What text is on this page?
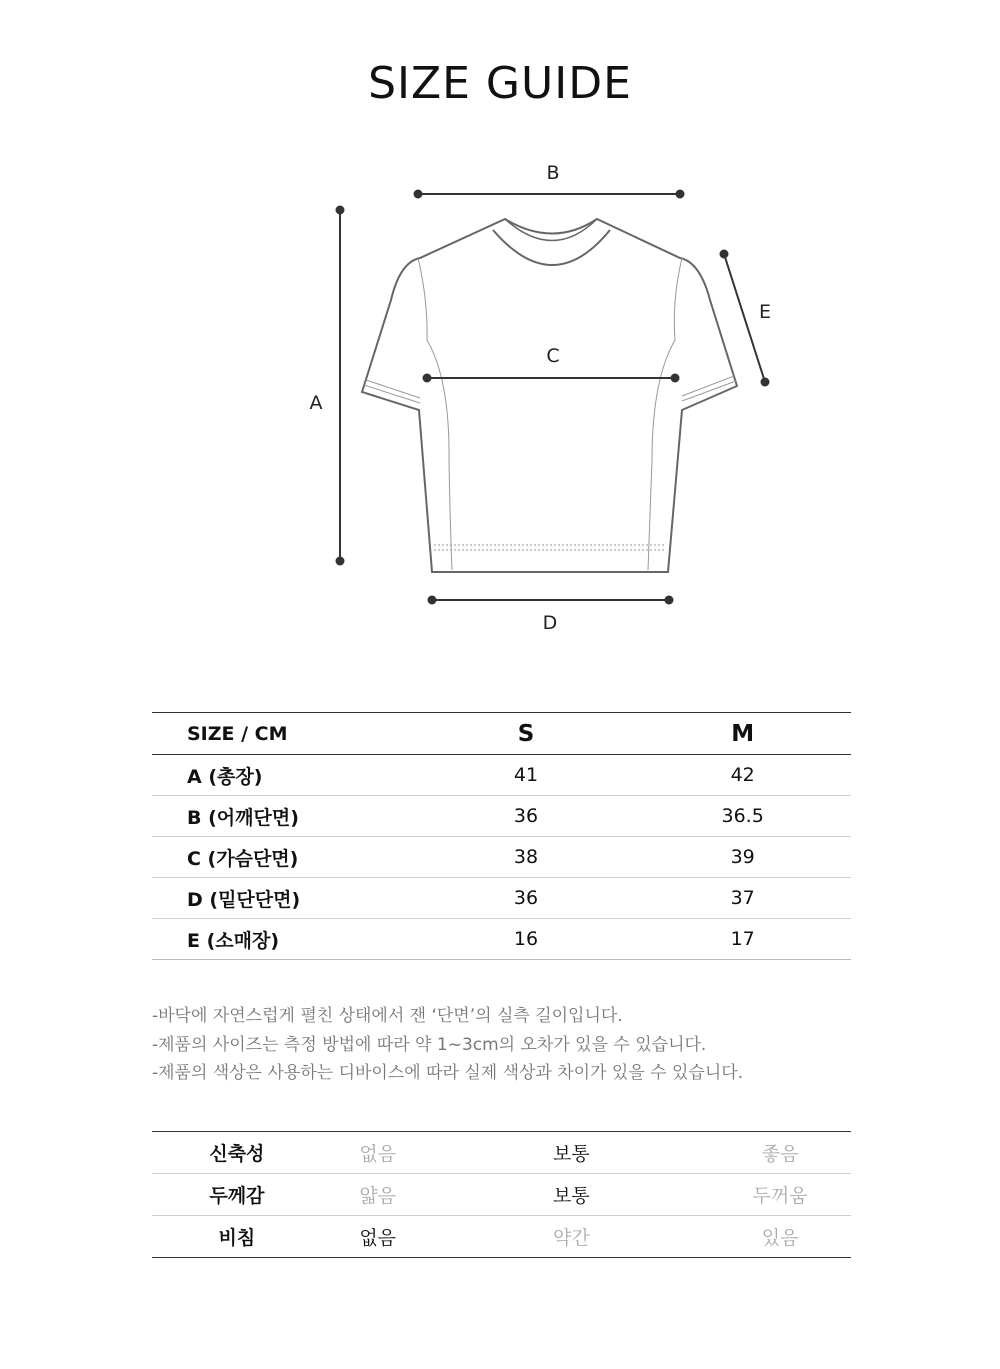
SIZE GUIDE
B
A
C
D
E
SIZE / CM	S	M
A (총장)	41	42
B (어깨단면)	36	36.5
C (가슴단면)	38	39
D (밑단단면)	36	37
E (소매장)	16	17

-바닥에 자연스럽게 펼친 상태에서 잰 ‘단면’의 실측 길이입니다.

-제품의 사이즈는 측정 방법에 따라 약 1~3cm의 오차가 있을 수 있습니다.

-제품의 색상은 사용하는 디바이스에 따라 실제 색상과 차이가 있을 수 있습니다.

신축성	없음	보통	좋음
두께감	얇음	보통	두꺼움
비침	없음	약간	있음
